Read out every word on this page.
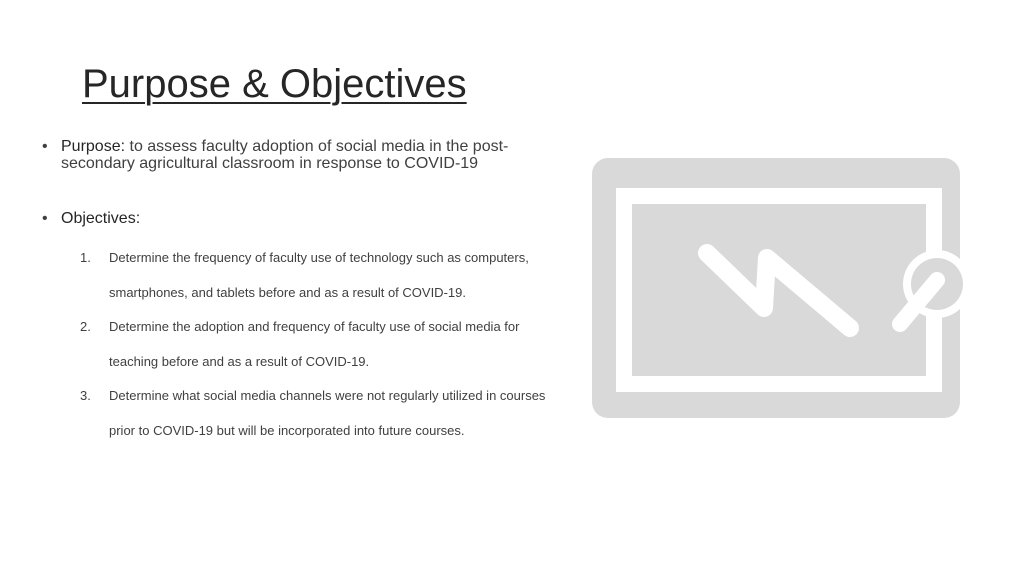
Purpose & Objectives
• Purpose: to assess faculty adoption of social media in the post-secondary agricultural classroom in response to COVID-19
• Objectives:
1. Determine the frequency of faculty use of technology such as computers, smartphones, and tablets before and as a result of COVID-19.
2. Determine the adoption and frequency of faculty use of social media for teaching before and as a result of COVID-19.
3. Determine what social media channels were not regularly utilized in courses prior to COVID-19 but will be incorporated into future courses.
